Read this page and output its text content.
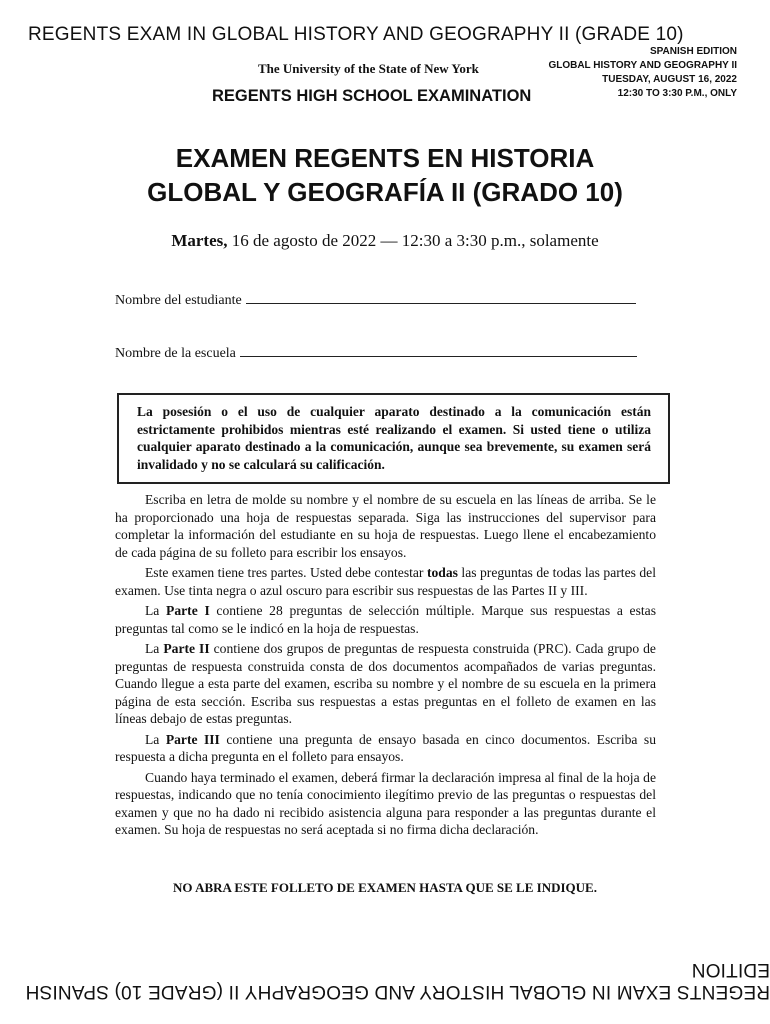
REGENTS EXAM IN GLOBAL HISTORY AND GEOGRAPHY II (GRADE 10)
The University of the State of New York
REGENTS HIGH SCHOOL EXAMINATION
SPANISH EDITION
GLOBAL HISTORY AND GEOGRAPHY II
TUESDAY, AUGUST 16, 2022
12:30 TO 3:30 P.M., ONLY
EXAMEN REGENTS EN HISTORIA
GLOBAL Y GEOGRAFÍA II (GRADO 10)
Martes, 16 de agosto de 2022 — 12:30 a 3:30 p.m., solamente
Nombre del estudiante
Nombre de la escuela
La posesión o el uso de cualquier aparato destinado a la comunicación están estrictamente prohibidos mientras esté realizando el examen. Si usted tiene o utiliza cualquier aparato destinado a la comunicación, aunque sea brevemente, su examen será invalidado y no se calculará su calificación.

Escriba en letra de molde su nombre y el nombre de su escuela en las líneas de arriba. Se le ha proporcionado una hoja de respuestas separada. Siga las instrucciones del supervisor para completar la información del estudiante en su hoja de respuestas. Luego llene el encabezamiento de cada página de su folleto para escribir los ensayos.

Este examen tiene tres partes. Usted debe contestar todas las preguntas de todas las partes del examen. Use tinta negra o azul oscuro para escribir sus respuestas de las Partes II y III.

La Parte I contiene 28 preguntas de selección múltiple. Marque sus respuestas a estas preguntas tal como se le indicó en la hoja de respuestas.

La Parte II contiene dos grupos de preguntas de respuesta construida (PRC). Cada grupo de preguntas de respuesta construida consta de dos documentos acompañados de varias preguntas. Cuando llegue a esta parte del examen, escriba su nombre y el nombre de su escuela en la primera página de esta sección. Escriba sus respuestas a estas preguntas en el folleto de examen en las líneas debajo de estas preguntas.

La Parte III contiene una pregunta de ensayo basada en cinco documentos. Escriba su respuesta a dicha pregunta en el folleto para ensayos.

Cuando haya terminado el examen, deberá firmar la declaración impresa al final de la hoja de respuestas, indicando que no tenía conocimiento ilegítimo previo de las preguntas o respuestas del examen y que no ha dado ni recibido asistencia alguna para responder a las preguntas durante el examen. Su hoja de respuestas no será aceptada si no firma dicha declaración.

NO ABRA ESTE FOLLETO DE EXAMEN HASTA QUE SE LE INDIQUE.
REGENTS EXAM IN GLOBAL HISTORY AND GEOGRAPHY II (GRADE 10) SPANISH EDITION
